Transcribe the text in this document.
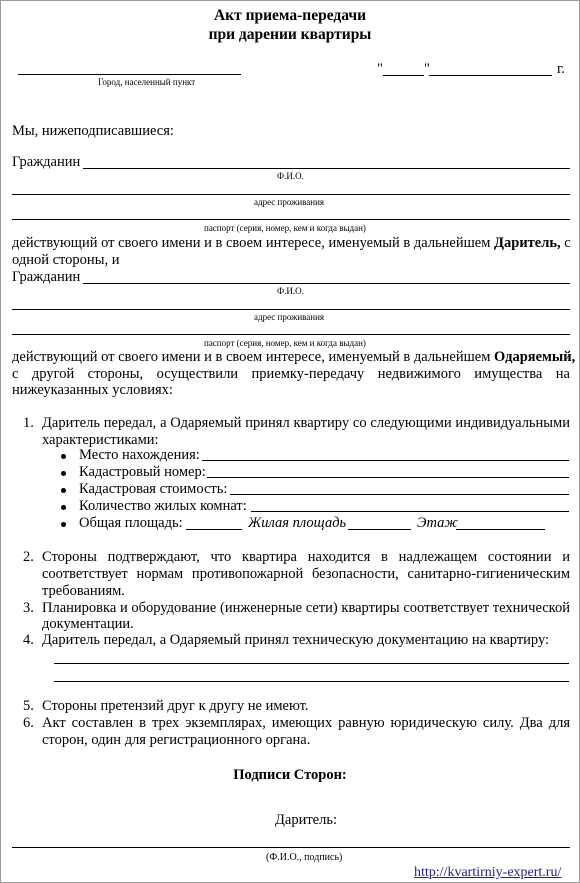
Акт приема-передачи
при дарении квартиры
Город, населенный пункт
"	"	г.
Мы, нижеподписавшиеся:
Гражданин
Ф.И.О.
адрес проживания
паспорт (серия, номер, кем и когда выдан)
действующий от своего имени и в своем интересе, именуемый в дальнейшем Даритель, с
одной стороны, и
Гражданин
Ф.И.О.
адрес проживания
паспорт (серия, номер, кем и когда выдан)
действующий от своего имени и в своем интересе, именуемый в дальнейшем Одаряемый,
с другой стороны, осуществили приемку-передачу недвижимого имущества на
нижеуказанных условиях:
1. Даритель передал, а Одаряемый принял квартиру со следующими индивидуальными
характеристиками:
Место нахождения:
Кадастровый номер:
Кадастровая стоимость:
Количество жилых комнат:
Общая площадь:	Жилая площадь	Этаж
2. Стороны подтверждают, что квартира находится в надлежащем состоянии и
соответствует нормам противопожарной безопасности, санитарно-гигиеническим
требованиям.
3. Планировка и оборудование (инженерные сети) квартиры соответствует технической
документации.
4. Даритель передал, а Одаряемый принял техническую документацию на квартиру:
5. Стороны претензий друг к другу не имеют.
6. Акт составлен в трех экземплярах, имеющих равную юридическую силу. Два для
сторон, один для регистрационного органа.
Подписи Сторон:
Даритель:
(Ф.И.О., подпись)
http://kvartirniy-expert.ru/
